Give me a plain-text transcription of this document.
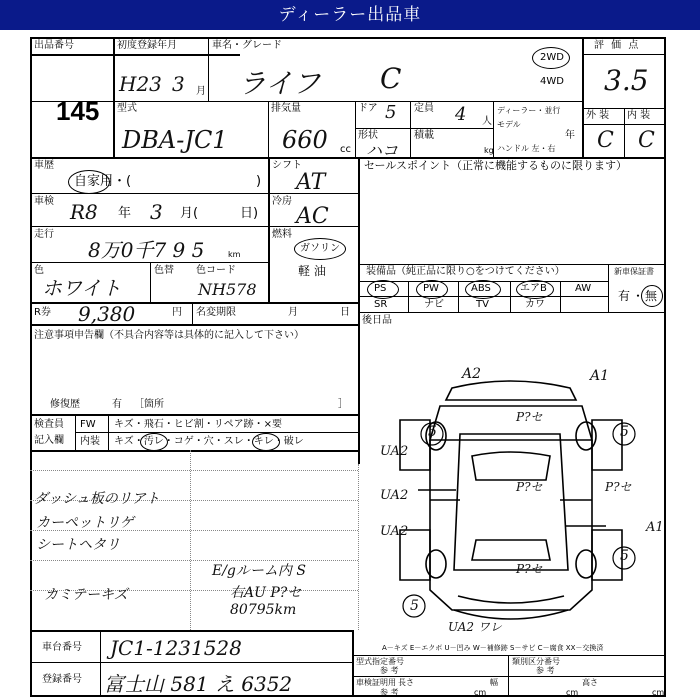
ディーラー出品車
出品番号
145
初度登録年月
H23 3 月
車名・グレード
ライフ C
2WD
4WD
評 価 点
3.5
外 装 内 装
C C
型式
DBA-JC1
排気量
660 cc
ドア 5 定員 4 人
ディーラー・並行
モデル
年
形状
ハコ
積載
kg ハンドル 左・右
車歴
自家用・(	)
車検 R8 年 3 月(	日)
走行
8万0千7 9 5	km
色
ホワイト
色替 色コード
NH578
R券 9,380	円 名変期限	月	日
シフト
AT
冷房
AC
燃料
ガソリン
軽 油
セールスポイント（正常に機能するものに限ります）
装備品（純正品に限り○をつけてください）	新車保証書
有 ・ 無
PS	PW	ABS	エアB	AW
SR	ナビ	TV	カワ
後日品
注意事項申告欄（不具合内容等は具体的に記入して下さい）
修復歴	有 ［箇所	］
検査員
記入欄
FW キズ・飛石・ヒビ割・リペア跡・×要
内装 キズ・汚レ・コゲ・穴・スレ・キレ・破レ
ダッシュ板のリアト
カーペットリゲ
シートヘタリ
カミテーキズ
E/gルーム内 S
右AU P?セ
80795km
A2	A1
UA2
UA2
UA2	A1
P?セ
P?セ	P?セ
P?セ
5	5
5
5
UA2 ワレ
A－キズ E－エクボ U－凹み W－補修跡 S－サビ C－腐食 XX－交換済
車台番号 JC1-1231528
登録番号 富士山 581 え 6352
型式指定番号
参 考
類別区分番号
参 考
車検証明用
参 考
長さ
cm
幅
cm
高さ
cm
